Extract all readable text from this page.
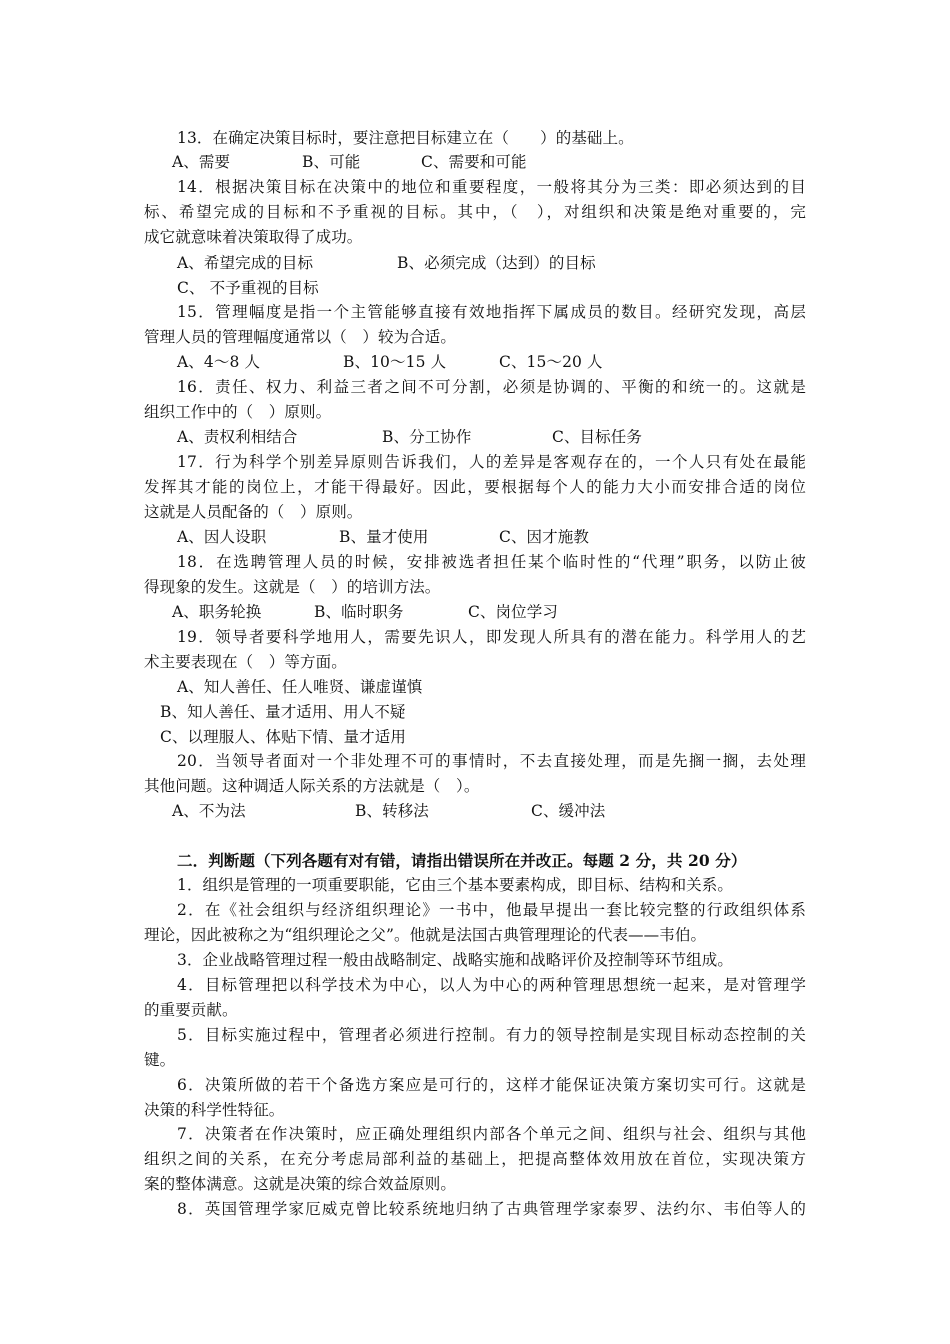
13．在确定决策目标时，要注意把目标建立在（　　）的基础上。
A、需要	B、可能	C、需要和可能
14．根据决策目标在决策中的地位和重要程度，一般将其分为三类：即必须达到的目
标、希望完成的目标和不予重视的目标。其中，（　），对组织和决策是绝对重要的，完
成它就意味着决策取得了成功。
A、希望完成的目标	B、必须完成（达到）的目标
C、 不予重视的目标
15．管理幅度是指一个主管能够直接有效地指挥下属成员的数目。经研究发现，高层
管理人员的管理幅度通常以（　）较为合适。
A、4～8 人	B、10～15 人	C、15～20 人
16．责任、权力、利益三者之间不可分割，必须是协调的、平衡的和统一的。这就是
组织工作中的（　）原则。
A、责权利相结合	B、分工协作	C、目标任务
17．行为科学个别差异原则告诉我们，人的差异是客观存在的，一个人只有处在最能
发挥其才能的岗位上，才能干得最好。因此，要根据每个人的能力大小而安排合适的岗位
这就是人员配备的（　）原则。
A、因人设职	B、量才使用	C、因才施教
18．在选聘管理人员的时候，安排被选者担任某个临时性的“代理”职务，以防止彼
得现象的发生。这就是（　）的培训方法。
A、职务轮换	B、临时职务	C、岗位学习
19．领导者要科学地用人，需要先识人，即发现人所具有的潜在能力。科学用人的艺
术主要表现在（　）等方面。
A、知人善任、任人唯贤、谦虚谨慎
B、知人善任、量才适用、用人不疑
C、以理服人、体贴下情、量才适用
20．当领导者面对一个非处理不可的事情时，不去直接处理，而是先搁一搁，去处理
其他问题。这种调适人际关系的方法就是（　）。
A、不为法	B、转移法	C、缓冲法
二．判断题（下列各题有对有错，请指出错误所在并改正。每题 2 分，共 20 分）
1．组织是管理的一项重要职能，它由三个基本要素构成，即目标、结构和关系。
2．在《社会组织与经济组织理论》一书中，他最早提出一套比较完整的行政组织体系
理论，因此被称之为“组织理论之父”。他就是法国古典管理理论的代表——韦伯。
3．企业战略管理过程一般由战略制定、战略实施和战略评价及控制等环节组成。
4．目标管理把以科学技术为中心，以人为中心的两种管理思想统一起来，是对管理学
的重要贡献。
5．目标实施过程中，管理者必须进行控制。有力的领导控制是实现目标动态控制的关
键。
6．决策所做的若干个备选方案应是可行的，这样才能保证决策方案切实可行。这就是
决策的科学性特征。
7．决策者在作决策时，应正确处理组织内部各个单元之间、组织与社会、组织与其他
组织之间的关系，在充分考虑局部利益的基础上，把提高整体效用放在首位，实现决策方
案的整体满意。这就是决策的综合效益原则。
8．英国管理学家厄威克曾比较系统地归纳了古典管理学家泰罗、法约尔、韦伯等人的
